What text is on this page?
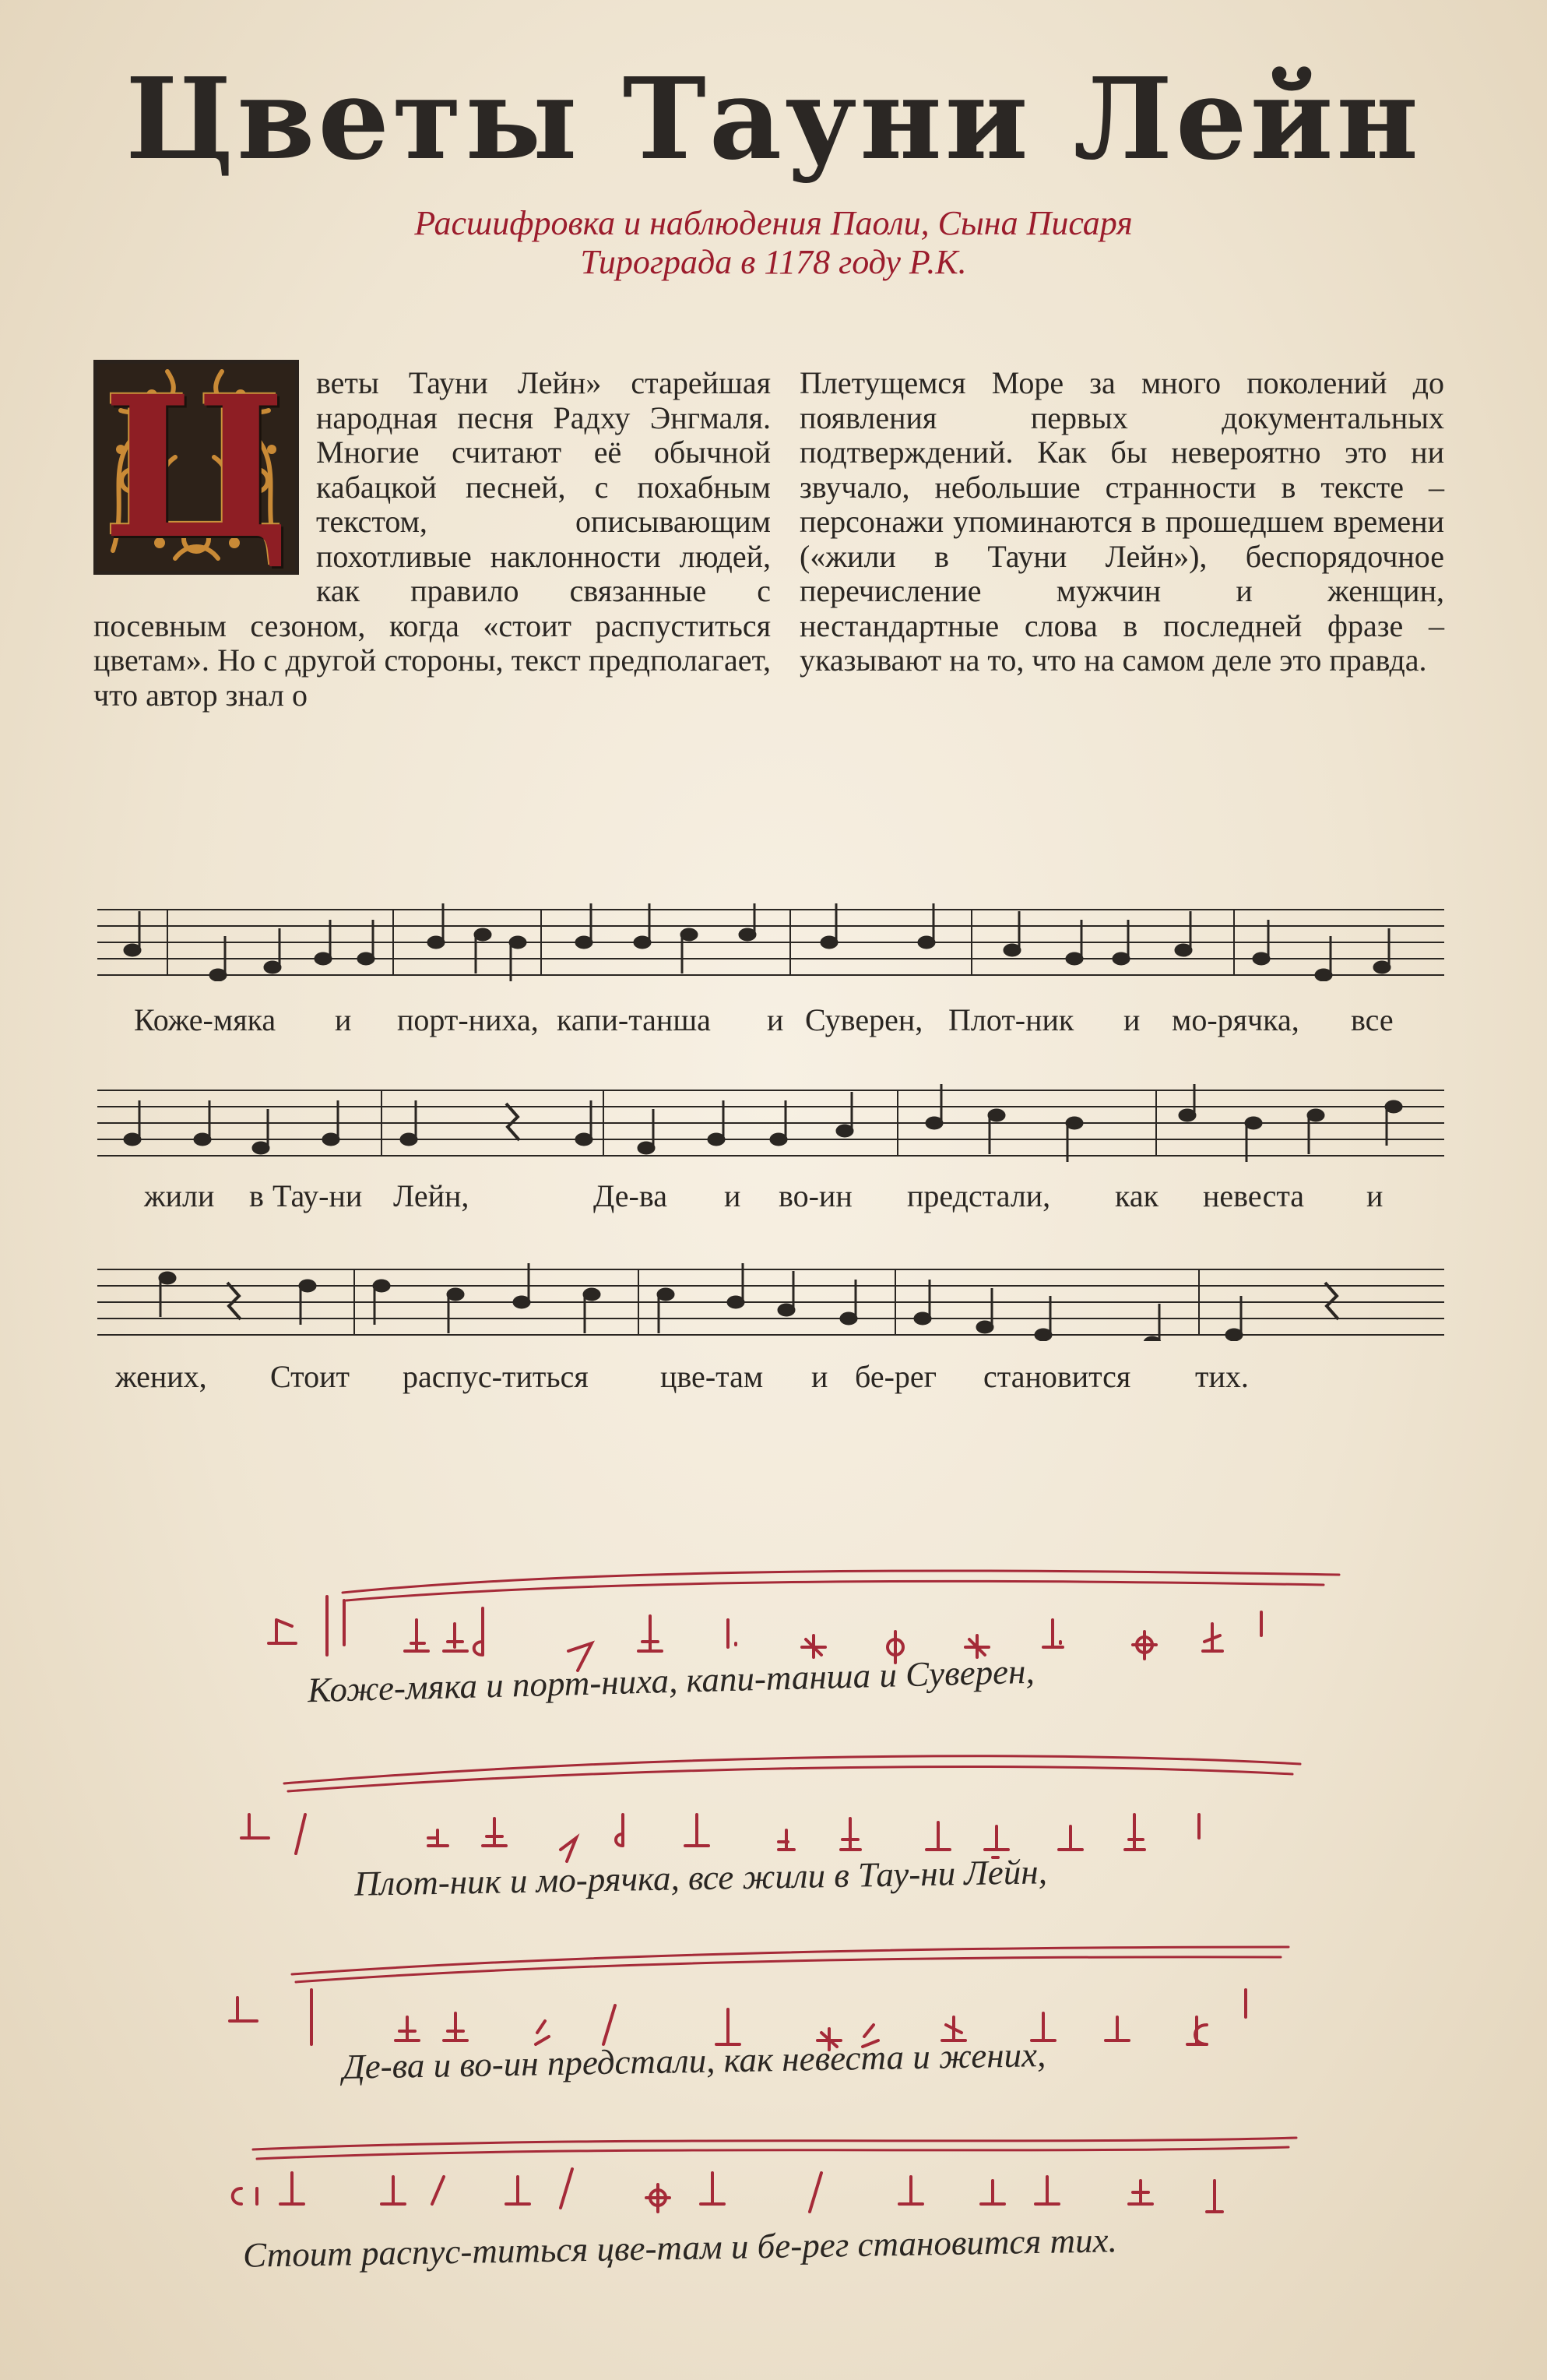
Цветы Тауни Лейн
Расшифровка и наблюдения Паоли, Сына Писаря
Тирограда в 1178 году Р.К.
Ц веты Тауни Лейн» старейшая народная песня Радху Энгмаля. Многие считают её обычной кабацкой песней, с похабным текстом, описывающим похотливые наклонности людей, как правило связанные с посевным сезоном, когда «стоит распуститься цветам». Но с другой стороны, текст предполагает, что автор знал о
Плетущемся Море за много поколений до появления первых документальных подтверждений. Как бы невероятно это ни звучало, небольшие странности в тексте – персонажи упоминаются в прошедшем времени («жили в Тауни Лейн»), беспорядочное перечисление мужчин и женщин, нестандартные слова в последней фразе – указывают на то, что на самом деле это правда.
Коже-мяка и порт-ниха, капи-танша и Суверен, Плот-ник и мо-рячка, все
жили в Тау-ни Лейн,	Де-ва и во-ин предстали, как невеста и
жених, Стоит распус-титься цве-там и бе-рег становится тих.
Коже-мяка и порт-ниха, капи-танша и Суверен,
Плот-ник и мо-рячка, все жили в Тау-ни Лейн,
Де-ва и во-ин предстали, как невеста и жених,
Стоит распус-титься цве-там и бе-рег становится тих.
